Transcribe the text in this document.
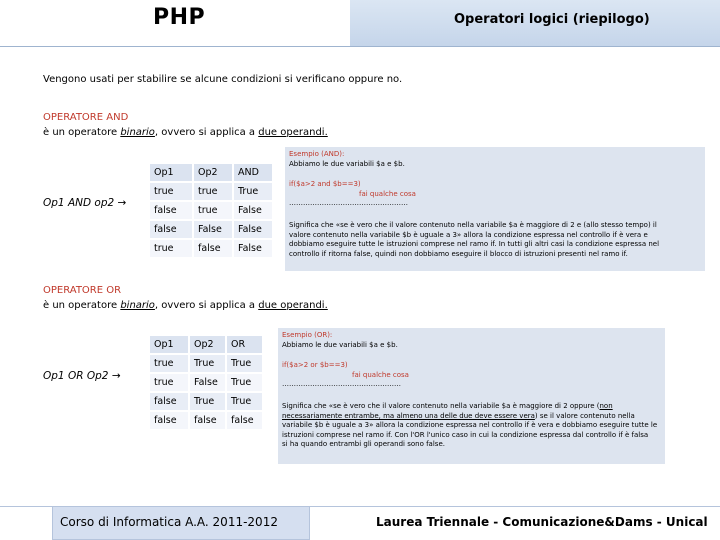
PHP	Operatori logici (riepilogo)
Vengono usati per stabilire se alcune condizioni si verificano oppure no.
OPERATORE AND
è un operatore binario, ovvero si applica a due operandi.
Op1 AND op2 →
Op1	Op2	AND
true	true	True
false	true	False
false	False	False
true	false	False
Esempio (AND):
Abbiamo le due variabili $a e $b.
if($a>2 and $b==3)
fai qualche cosa
……………………………………………
Significa che «se è vero che il valore contenuto nella variabile $a è maggiore di 2 e (allo stesso tempo) il
valore contenuto nella variabile $b è uguale a 3» allora la condizione espressa nel controllo if è vera e
dobbiamo eseguire tutte le istruzioni comprese nel ramo if. In tutti gli altri casi la condizione espressa nel
controllo if ritorna false, quindi non dobbiamo eseguire il blocco di istruzioni presenti nel ramo if.
OPERATORE OR
è un operatore binario, ovvero si applica a due operandi.
Op1 OR Op2 →
Op1	Op2	OR
true	True	True
true	False	True
false	True	True
false	false	false
Esempio (OR):
Abbiamo le due variabili $a e $b.
if($a>2 or $b==3)
fai qualche cosa
……………………………………………
Significa che «se è vero che il valore contenuto nella variabile $a è maggiore di 2 oppure (non
necessariamente entrambe, ma almeno una delle due deve essere vera) se il valore contenuto nella
variabile $b è uguale a 3» allora la condizione espressa nel controllo if è vera e dobbiamo eseguire tutte le
istruzioni comprese nel ramo if. Con l'OR l'unico caso in cui la condizione espressa dal controllo if è falsa
si ha quando entrambi gli operandi sono false.
Corso di Informatica A.A. 2011-2012	Laurea Triennale - Comunicazione&Dams - Unical
